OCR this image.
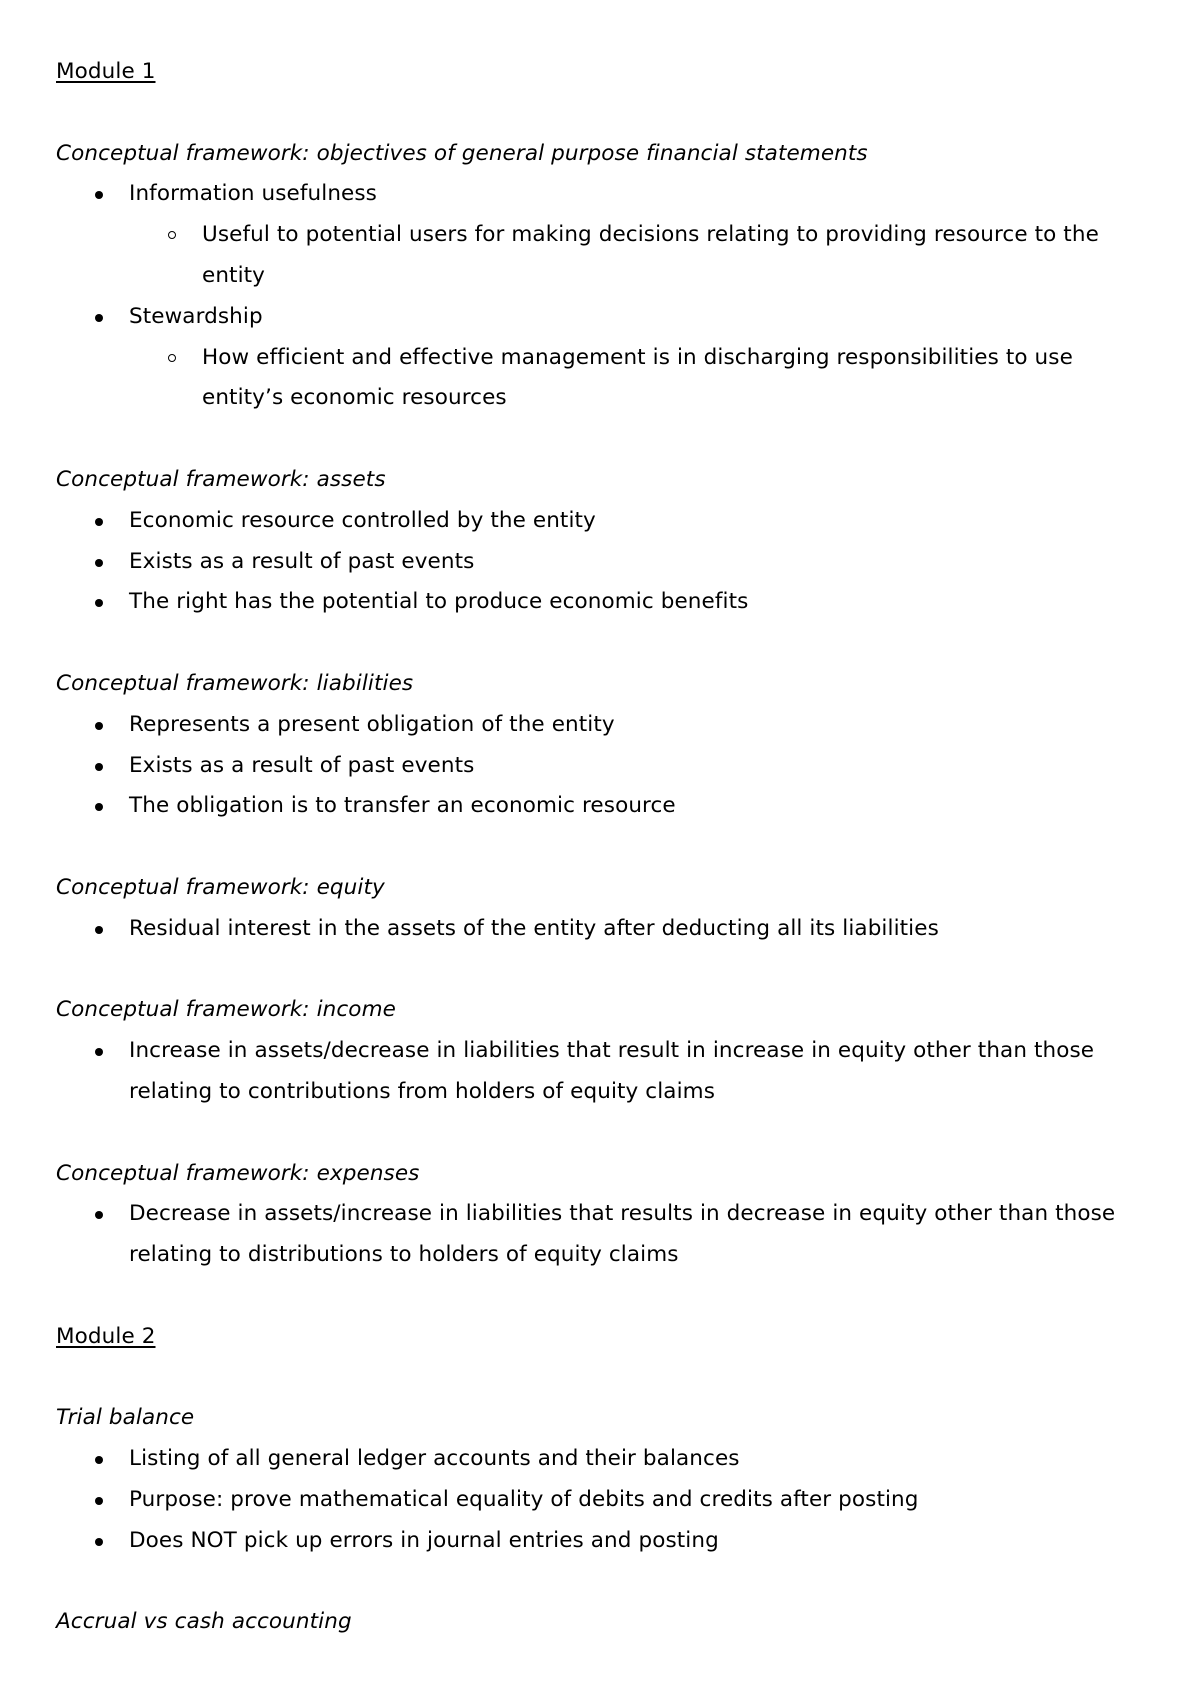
Module 1

Conceptual framework: objectives of general purpose financial statements

Information usefulness
Useful to potential users for making decisions relating to providing resource to the entity
Stewardship
How efficient and effective management is in discharging responsibilities to use entity’s economic resources

Conceptual framework: assets

Economic resource controlled by the entity
Exists as a result of past events
The right has the potential to produce economic benefits

Conceptual framework: liabilities

Represents a present obligation of the entity
Exists as a result of past events
The obligation is to transfer an economic resource

Conceptual framework: equity

Residual interest in the assets of the entity after deducting all its liabilities

Conceptual framework: income

Increase in assets/decrease in liabilities that result in increase in equity other than those relating to contributions from holders of equity claims

Conceptual framework: expenses

Decrease in assets/increase in liabilities that results in decrease in equity other than those relating to distributions to holders of equity claims

Module 2

Trial balance

Listing of all general ledger accounts and their balances
Purpose: prove mathematical equality of debits and credits after posting
Does NOT pick up errors in journal entries and posting

Accrual vs cash accounting
